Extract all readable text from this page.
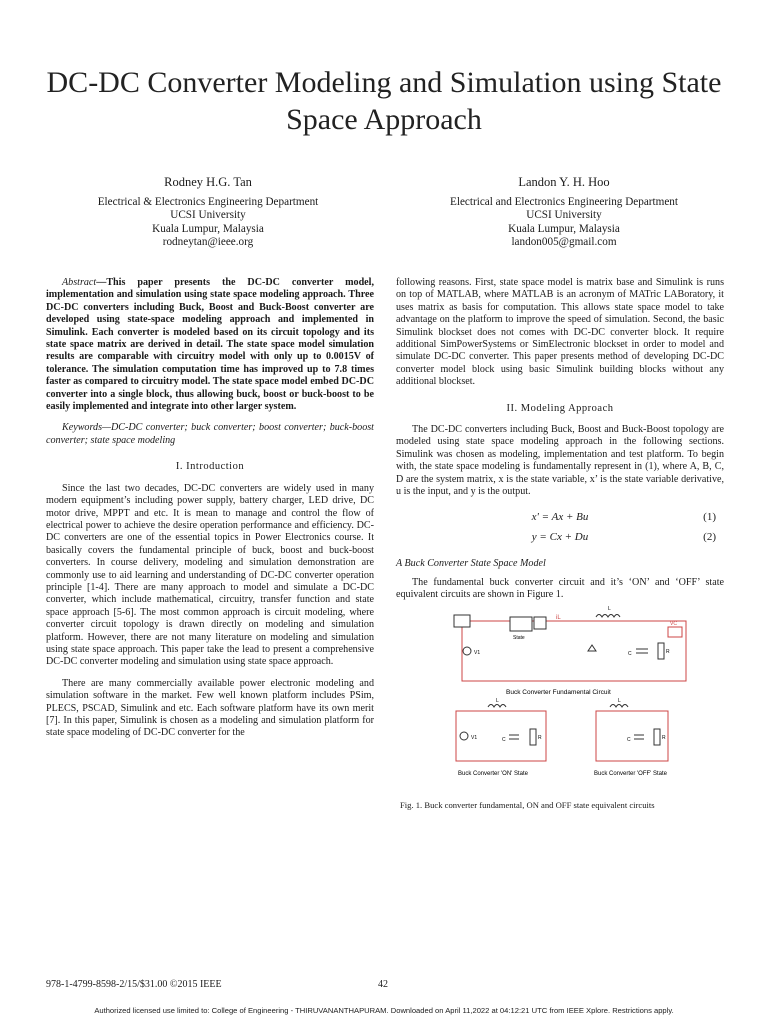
DC-DC Converter Modeling and Simulation using State Space Approach
Rodney H.G. Tan
Electrical & Electronics Engineering Department
UCSI University
Kuala Lumpur, Malaysia
rodneytan@ieee.org
Landon Y. H. Hoo
Electrical and Electronics Engineering Department
UCSI University
Kuala Lumpur, Malaysia
landon005@gmail.com

Abstract—This paper presents the DC-DC converter model, implementation and simulation using state space modeling approach. Three DC-DC converters including Buck, Boost and Buck-Boost converter are developed using state-space modeling approach and implemented in Simulink. Each converter is modeled based on its circuit topology and its state space matrix are derived in detail. The state space model simulation results are comparable with circuitry model with only up to 0.0015V of tolerance. The simulation computation time has improved up to 7.8 times faster as compared to circuitry model. The state space model embed DC-DC converter into a single block, thus allowing buck, boost or buck-boost to be easily implemented and integrate into other larger system.

Keywords—DC-DC converter; buck converter; boost converter; buck-boost converter; state space modeling

I. Introduction

Since the last two decades, DC-DC converters are widely used in many modern equipment’s including power supply, battery charger, LED drive, DC motor drive, MPPT and etc. It is mean to manage and control the flow of electrical power to achieve the desire operation performance and efficiency. DC-DC converters are one of the essential topics in Power Electronics course. It basically covers the fundamental principle of buck, boost and buck-boost converters. In course delivery, modeling and simulation demonstration are commonly use to aid learning and understanding of DC-DC converter operation principle [1-4]. There are many approach to model and simulate a DC-DC converter, which include mathematical, circuitry, transfer function and state space approach [5-6]. The most common approach is circuit modeling, where converter circuit topology is drawn directly on modeling and simulation platform. However, there are not many literature on modeling and simulation using state space approach. This paper take the lead to present a comprehensive DC-DC converter modeling and simulation using state space approach.

There are many commercially available power electronic modeling and simulation software in the market. Few well known platform includes PSim, PLECS, PSCAD, Simulink and etc. Each software platform have its own merit [7]. In this paper, Simulink is chosen as a modeling and simulation platform for state space modeling of DC-DC converter for the

following reasons. First, state space model is matrix base and Simulink is runs on top of MATLAB, where MATLAB is an acronym of MATric LABoratory, it uses matrix as basis for computation. This allows state space model to take advantage on the platform to improve the speed of simulation. Second, the basic Simulink blockset does not comes with DC-DC converter block. It require additional SimPowerSystems or SimElectronic blockset in order to model and simulate DC-DC converter. This paper presents method of developing DC-DC converter model block using basic Simulink building blocks without any additional blockset.

II. Modeling Approach

The DC-DC converters including Buck, Boost and Buck-Boost topology are modeled using state space modeling approach in the following sections. Simulink was chosen as modeling, implementation and test platform. To begin with, the state space modeling is fundamentally represent in (1), where A, B, C, D are the system matrix, x is the state variable, x’ is the state variable derivative, u is the input, and y is the output.

x' = Ax + Bu	(1)
y = Cx + Du	(2)
A Buck Converter State Space Model

The fundamental buck converter circuit and it’s ‘ON’ and ‘OFF’ state equivalent circuits are shown in Figure 1.

State
iL
V1
L
C	R
VC
Buck Converter Fundamental Circuit
V1
L
C	R
Buck Converter 'ON' State
L
C	R
Buck Converter 'OFF' State
Fig. 1. Buck converter fundamental, ON and OFF state equivalent circuits
978-1-4799-8598-2/15/$31.00 ©2015 IEEE	42
Authorized licensed use limited to: College of Engineering - THIRUVANANTHAPURAM. Downloaded on April 11,2022 at 04:12:21 UTC from IEEE Xplore. Restrictions apply.
